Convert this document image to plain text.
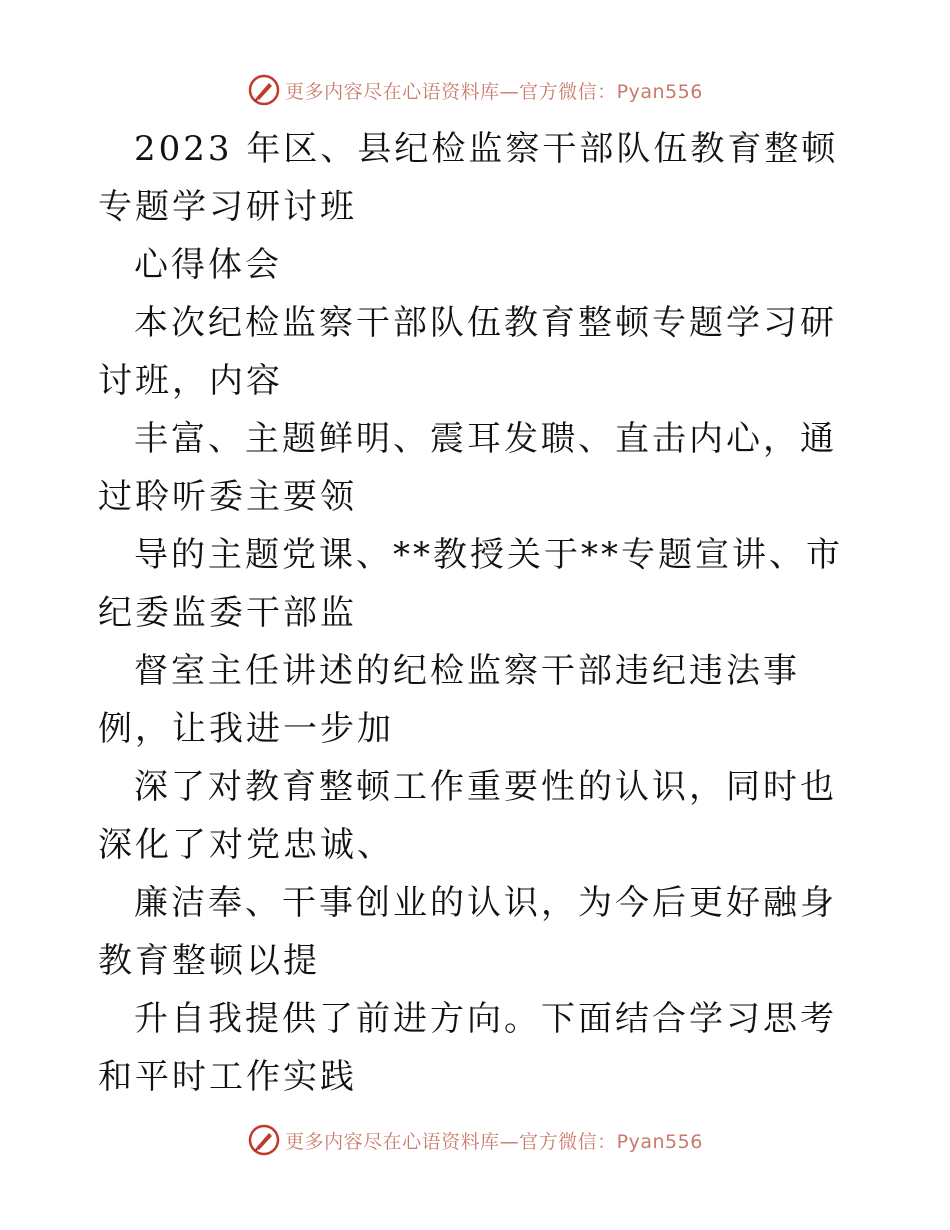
更多内容尽在心语资料库—官方微信：Pyan556

2023 年区、县纪检监察干部队伍教育整顿专题学习研讨班

心得体会

本次纪检监察干部队伍教育整顿专题学习研讨班，内容

丰富、主题鲜明、震耳发聩、直击内心，通过聆听委主要领

导的主题党课、**教授关于**专题宣讲、市纪委监委干部监

督室主任讲述的纪检监察干部违纪违法事例，让我进一步加

深了对教育整顿工作重要性的认识，同时也深化了对党忠诚、

廉洁奉、干事创业的认识，为今后更好融身教育整顿以提

升自我提供了前进方向。下面结合学习思考和平时工作实践

更多内容尽在心语资料库—官方微信：Pyan556
